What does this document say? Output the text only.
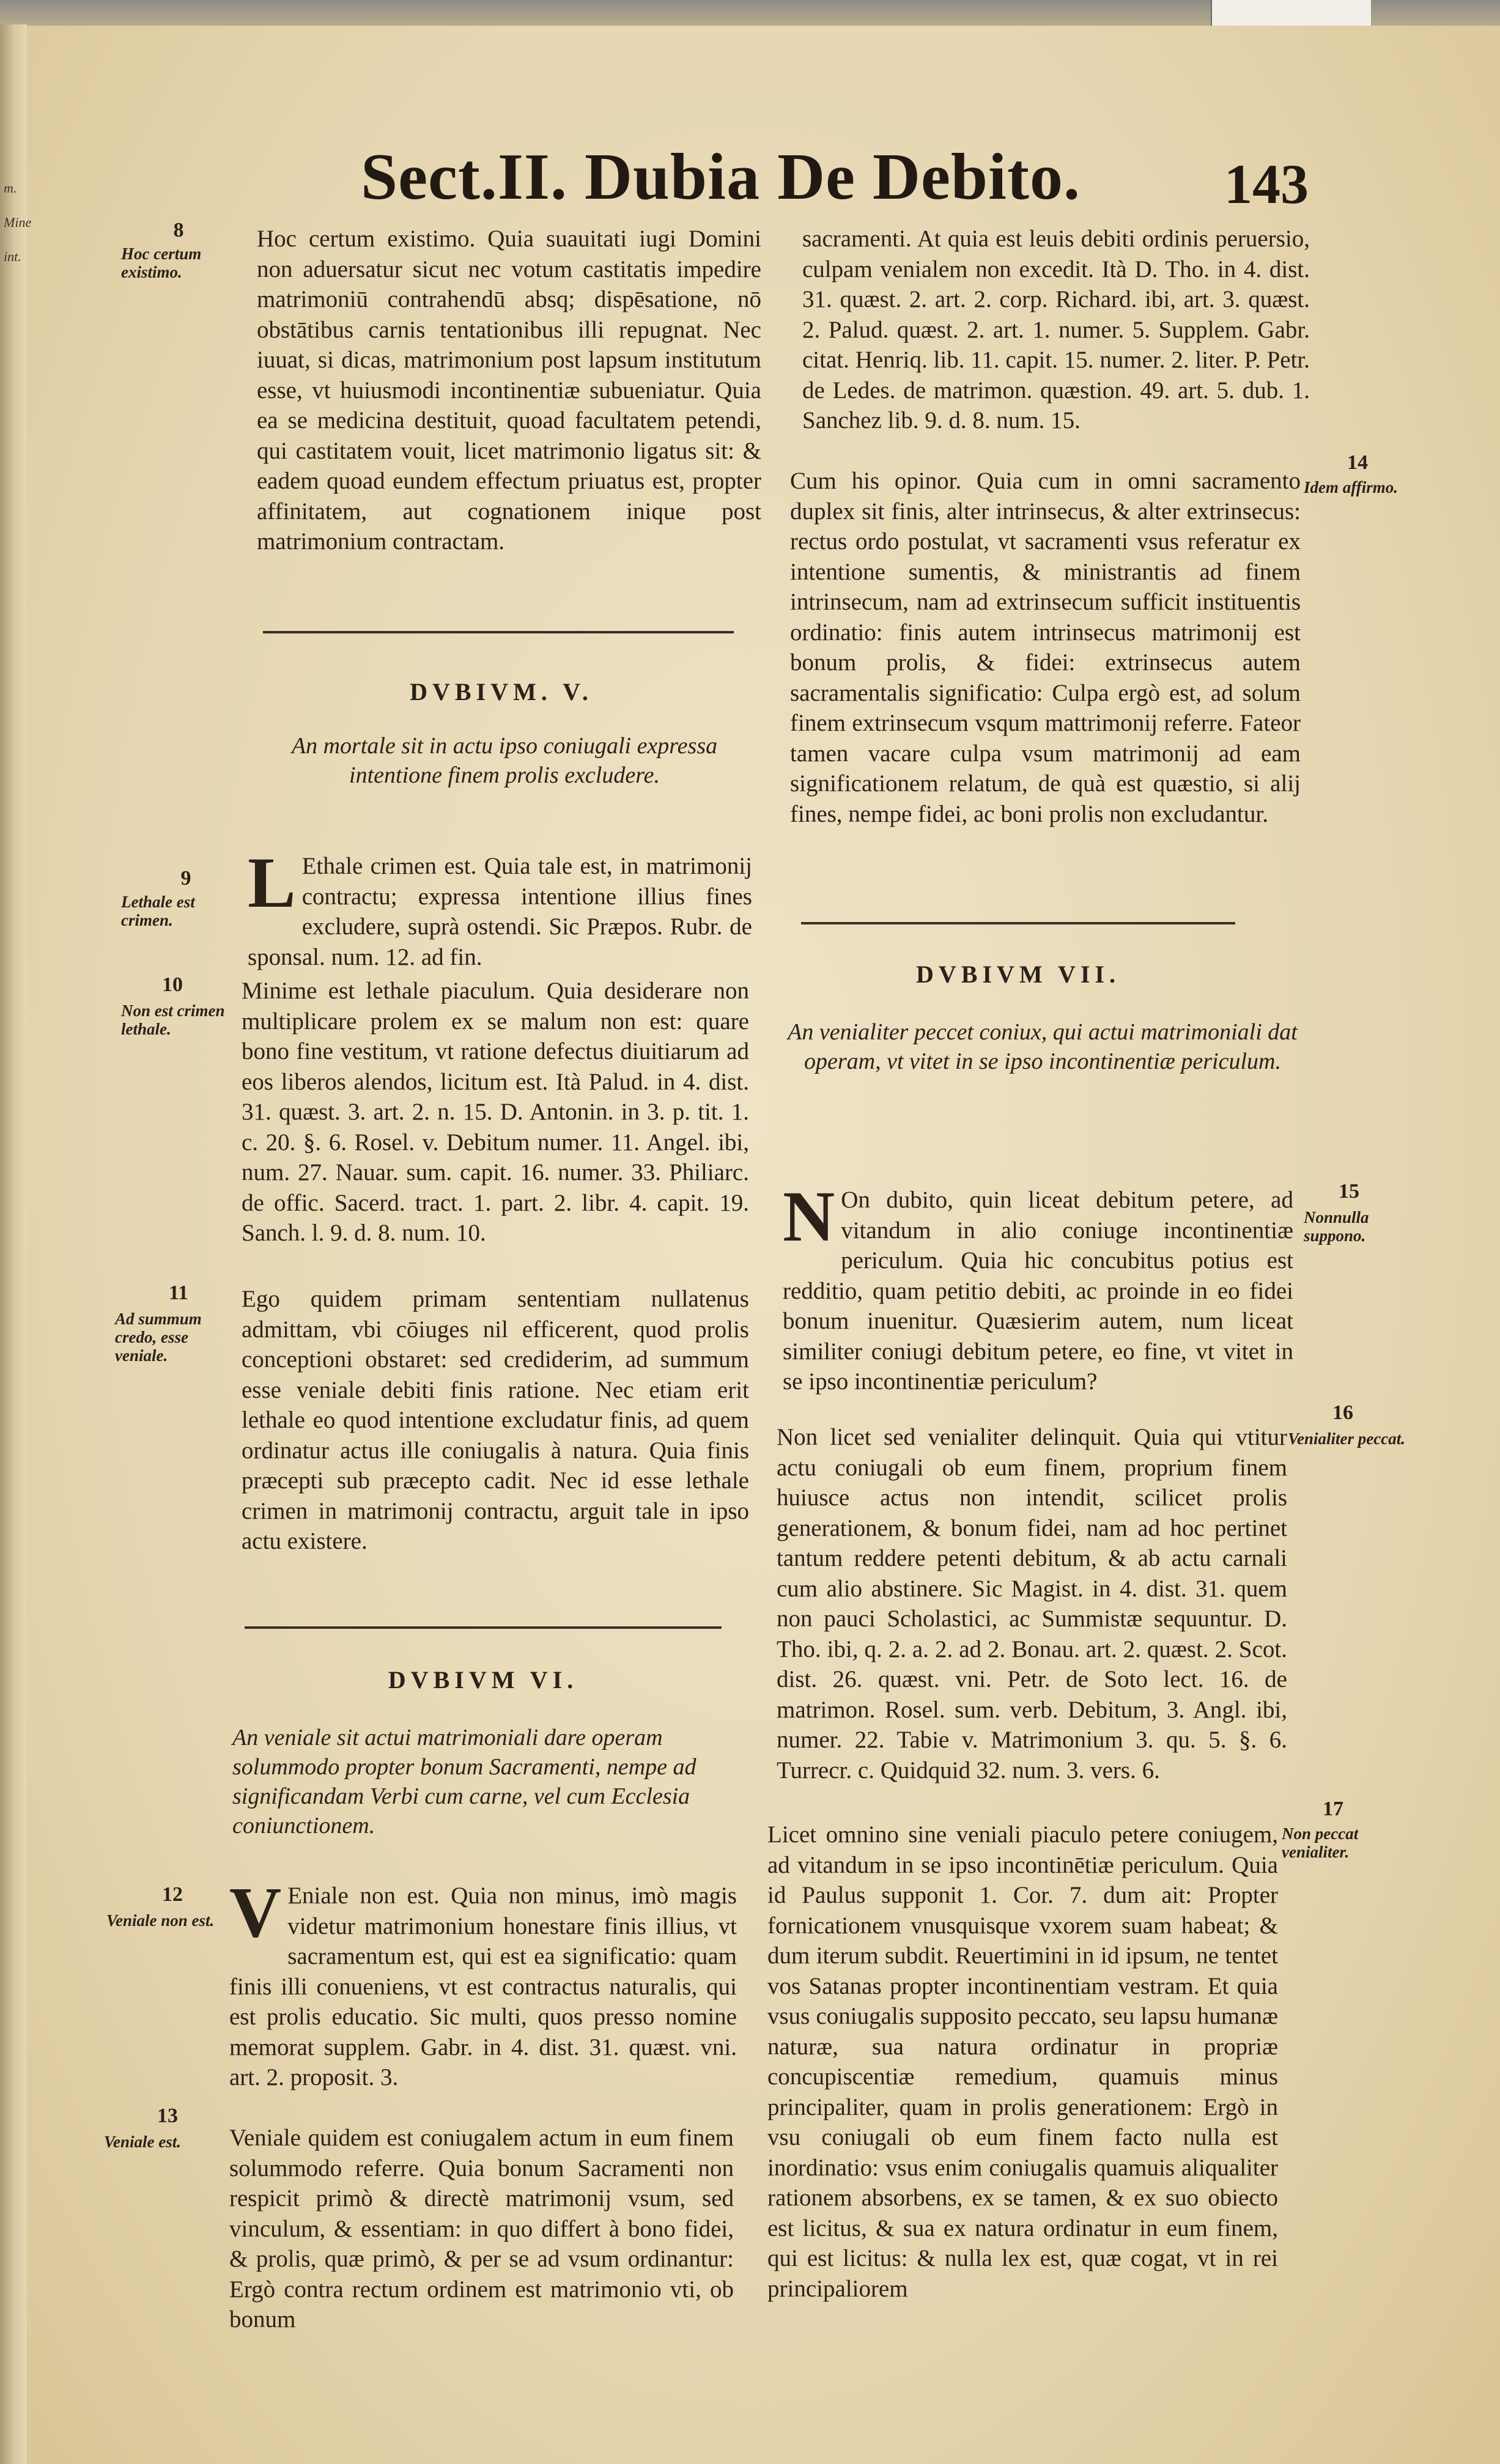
m.
Mine
int.
Sect.II. Dubia De Debito.	143
8
Hoc certum existimo.

Hoc certum existimo. Quia suauitati iugi Domini non aduersatur sicut nec votum castitatis impedire matrimoniū contrahendū absq; dispēsatione, nō obstātibus carnis tentationibus illi repugnat. Nec iuuat, si dicas, matrimonium post lapsum institutum esse, vt huiusmodi incontinentiæ subueniatur. Quia ea se medicina destituit, quoad facultatem petendi, qui castitatem vouit, licet matrimonio ligatus sit: & eadem quoad eundem effectum priuatus est, propter affinitatem, aut cognationem inique post matrimonium contractam.

DVBIVM. V.
An mortale sit in actu ipso coniugali expressa intentione finem prolis excludere.
9
Lethale est crimen.	L Ethale crimen est. Quia tale est, in matrimonij contractu; expressa intentione illius fines excludere, suprà ostendi. Sic Præpos. Rubr. de sponsal. num. 12. ad fin.

10
Non est crimen lethale.

Minime est lethale piaculum. Quia desiderare non multiplicare prolem ex se malum non est: quare bono fine vestitum, vt ratione defectus diuitiarum ad eos liberos alendos, licitum est. Ità Palud. in 4. dist. 31. quæst. 3. art. 2. n. 15. D. Antonin. in 3. p. tit. 1. c. 20. §. 6. Rosel. v. Debitum numer. 11. Angel. ibi, num. 27. Nauar. sum. capit. 16. numer. 33. Philiarc. de offic. Sacerd. tract. 1. part. 2. libr. 4. capit. 19. Sanch. l. 9. d. 8. num. 10.

11
Ad summum credo, esse veniale.

Ego quidem primam sententiam nullatenus admittam, vbi cōiuges nil efficerent, quod prolis conceptioni obstaret: sed crediderim, ad summum esse veniale debiti finis ratione. Nec etiam erit lethale eo quod intentione excludatur finis, ad quem ordinatur actus ille coniugalis à natura. Quia finis præcepti sub præcepto cadit. Nec id esse lethale crimen in matrimonij contractu, arguit tale in ipso actu existere.

DVBIVM VI.
An veniale sit actui matrimoniali dare operam solummodo propter bonum Sacramenti, nempe ad significandam Verbi cum carne, vel cum Ecclesia coniunctionem.
12
Veniale non est. V Eniale non est. Quia non minus, imò magis videtur matrimonium honestare finis illius, vt sacramentum est, qui est ea significatio: quam finis illi conueniens, vt est contractus naturalis, qui est prolis educatio. Sic multi, quos presso nomine memorat supplem. Gabr. in 4. dist. 31. quæst. vni. art. 2. proposit. 3.

13
Veniale est.	Veniale quidem est coniugalem actum in eum finem solummodo referre. Quia bonum Sacramenti non respicit primò & directè matrimonij vsum, sed vinculum, & essentiam: in quo differt à bono fidei, & prolis, quæ primò, & per se ad vsum ordinantur: Ergò contra rectum ordinem est matrimonio vti, ob bonum

sacramenti. At quia est leuis debiti ordinis peruersio, culpam venialem non excedit. Ità D. Tho. in 4. dist. 31. quæst. 2. art. 2. corp. Richard. ibi, art. 3. quæst. 2. Palud. quæst. 2. art. 1. numer. 5. Supplem. Gabr. citat. Henriq. lib. 11. capit. 15. numer. 2. liter. P. Petr. de Ledes. de matrimon. quæstion. 49. art. 5. dub. 1. Sanchez lib. 9. d. 8. num. 15.

14
Idem affirmo.

Cum his opinor. Quia cum in omni sacramento duplex sit finis, alter intrinsecus, & alter extrinsecus: rectus ordo postulat, vt sacramenti vsus referatur ex intentione sumentis, & ministrantis ad finem intrinsecum, nam ad extrinsecum sufficit instituentis ordinatio: finis autem intrinsecus matrimonij est bonum prolis, & fidei: extrinsecus autem sacramentalis significatio: Culpa ergò est, ad solum finem extrinsecum vsqum mattrimonij referre. Fateor tamen vacare culpa vsum matrimonij ad eam significationem relatum, de quà est quæstio, si alij fines, nempe fidei, ac boni prolis non excludantur.

DVBIVM VII.
An venialiter peccet coniux, qui actui matrimoniali dat operam, vt vitet in se ipso incontinentiæ periculum.
15
Nonnulla suppono.

N On dubito, quin liceat debitum petere, ad vitandum in alio coniuge incontinentiæ periculum. Quia hic concubitus potius est redditio, quam petitio debiti, ac proinde in eo fidei bonum inuenitur. Quæsierim autem, num liceat similiter coniugi debitum petere, eo fine, vt vitet in se ipso incontinentiæ periculum?

16
Venialiter peccat.

Non licet sed venialiter delinquit. Quia qui vtitur actu coniugali ob eum finem, proprium finem huiusce actus non intendit, scilicet prolis generationem, & bonum fidei, nam ad hoc pertinet tantum reddere petenti debitum, & ab actu carnali cum alio abstinere. Sic Magist. in 4. dist. 31. quem non pauci Scholastici, ac Summistæ sequuntur. D. Tho. ibi, q. 2. a. 2. ad 2. Bonau. art. 2. quæst. 2. Scot. dist. 26. quæst. vni. Petr. de Soto lect. 16. de matrimon. Rosel. sum. verb. Debitum, 3. Angl. ibi, numer. 22. Tabie v. Matrimonium 3. qu. 5. §. 6. Turrecr. c. Quidquid 32. num. 3. vers. 6.

17
Non peccat venialiter.

Licet omnino sine veniali piaculo petere coniugem, ad vitandum in se ipso incontinētiæ periculum. Quia id Paulus supponit 1. Cor. 7. dum ait: Propter fornicationem vnusquisque vxorem suam habeat; & dum iterum subdit. Reuertimini in id ipsum, ne tentet vos Satanas propter incontinentiam vestram. Et quia vsus coniugalis supposito peccato, seu lapsu humanæ naturæ, sua natura ordinatur in propriæ concupiscentiæ remedium, quamuis minus principaliter, quam in prolis generationem: Ergò in vsu coniugali ob eum finem facto nulla est inordinatio: vsus enim coniugalis quamuis aliqualiter rationem absorbens, ex se tamen, & ex suo obiecto est licitus, & sua ex natura ordinatur in eum finem, qui est licitus: & nulla lex est, quæ cogat, vt in rei principaliorem
